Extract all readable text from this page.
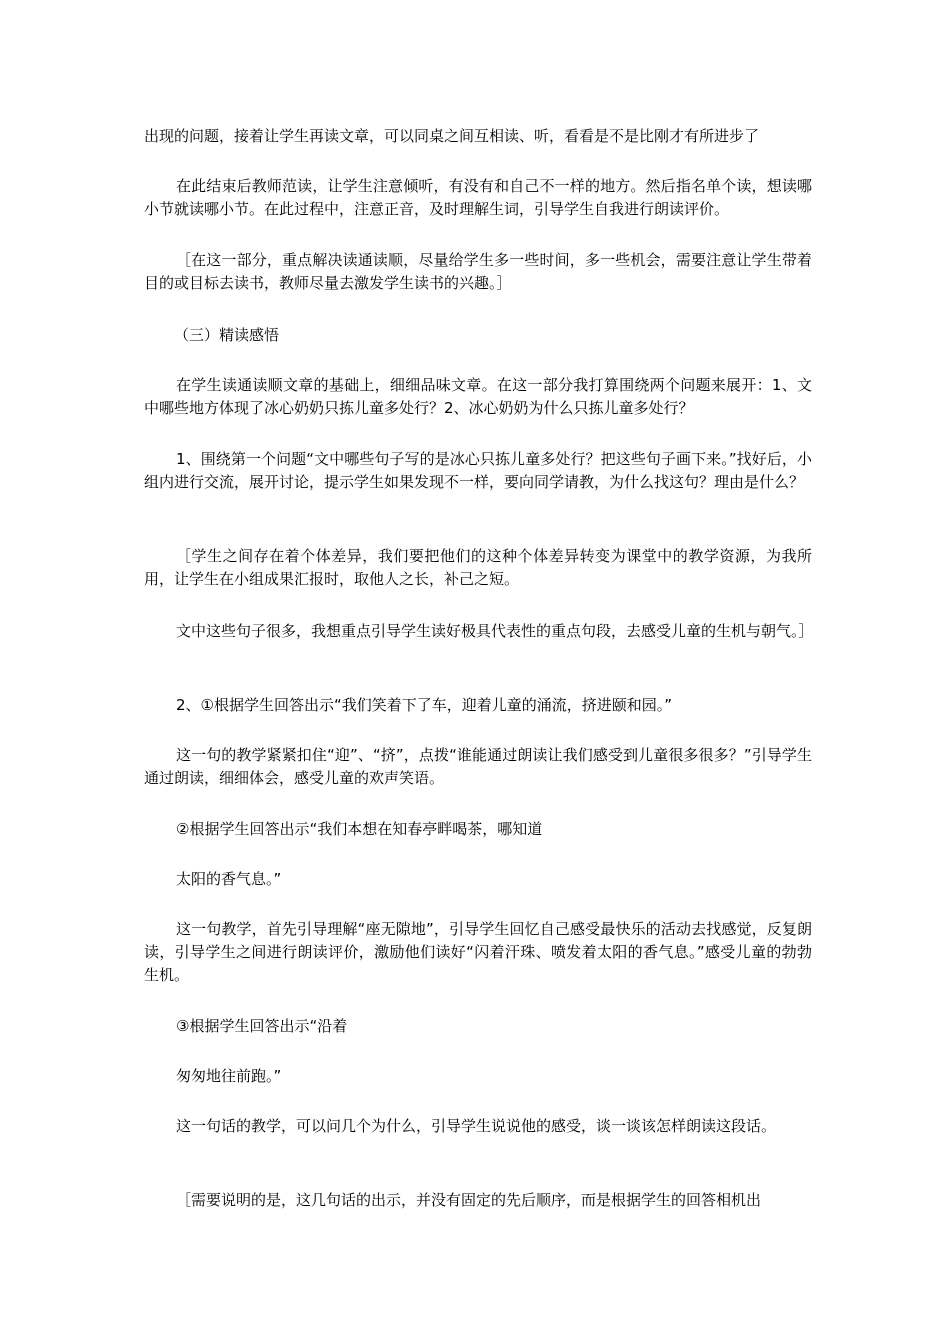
出现的问题，接着让学生再读文章，可以同桌之间互相读、听，看看是不是比刚才有所进步了

在此结束后教师范读，让学生注意倾听，有没有和自己不一样的地方。然后指名单个读，想读哪小节就读哪小节。在此过程中，注意正音，及时理解生词，引导学生自我进行朗读评价。

［在这一部分，重点解决读通读顺，尽量给学生多一些时间，多一些机会，需要注意让学生带着目的或目标去读书，教师尽量去激发学生读书的兴趣。］

（三）精读感悟

在学生读通读顺文章的基础上，细细品味文章。在这一部分我打算围绕两个问题来展开：1、文中哪些地方体现了冰心奶奶只拣儿童多处行？2、冰心奶奶为什么只拣儿童多处行？

1、围绕第一个问题“文中哪些句子写的是冰心只拣儿童多处行？把这些句子画下来。”找好后，小组内进行交流，展开讨论，提示学生如果发现不一样，要向同学请教，为什么找这句？理由是什么？

［学生之间存在着个体差异，我们要把他们的这种个体差异转变为课堂中的教学资源，为我所用，让学生在小组成果汇报时，取他人之长，补己之短。

文中这些句子很多，我想重点引导学生读好极具代表性的重点句段，去感受儿童的生机与朝气。］

2、①根据学生回答出示“我们笑着下了车，迎着儿童的涌流，挤进颐和园。”

这一句的教学紧紧扣住“迎”、“挤”，点拨“谁能通过朗读让我们感受到儿童很多很多？”引导学生通过朗读，细细体会，感受儿童的欢声笑语。

②根据学生回答出示“我们本想在知春亭畔喝茶，哪知道

太阳的香气息。”

这一句教学，首先引导理解“座无隙地”，引导学生回忆自己感受最快乐的活动去找感觉，反复朗读，引导学生之间进行朗读评价，激励他们读好“闪着汗珠、喷发着太阳的香气息。”感受儿童的勃勃生机。

③根据学生回答出示“沿着

匆匆地往前跑。”

这一句话的教学，可以问几个为什么，引导学生说说他的感受，谈一谈该怎样朗读这段话。

［需要说明的是，这几句话的出示，并没有固定的先后顺序，而是根据学生的回答相机出
